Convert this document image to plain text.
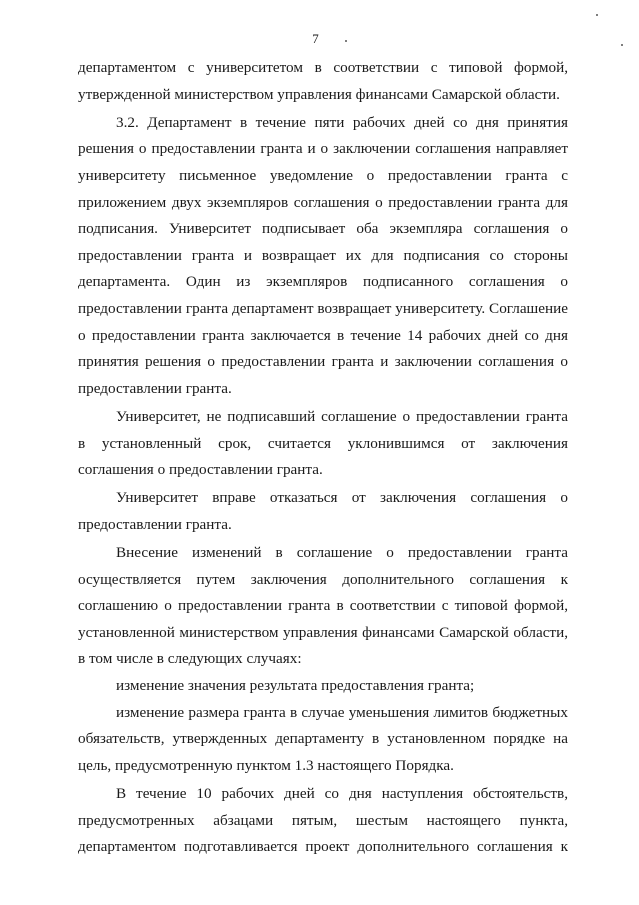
7
департаментом с университетом в соответствии с типовой формой,
утвержденной министерством управления финансами Самарской области.
3.2. Департамент в течение пяти рабочих дней со дня принятия
решения о предоставлении гранта и о заключении соглашения направляет
университету письменное уведомление о предоставлении гранта с
приложением двух экземпляров соглашения о предоставлении гранта для
подписания. Университет подписывает оба экземпляра соглашения о
предоставлении гранта и возвращает их для подписания со стороны
департамента. Один из экземпляров подписанного соглашения о
предоставлении гранта департамент возвращает университету. Соглашение
о предоставлении гранта заключается в течение 14 рабочих дней со дня
принятия решения о предоставлении гранта и заключении соглашения о
предоставлении гранта.
Университет, не подписавший соглашение о предоставлении гранта
в установленный срок, считается уклонившимся от заключения
соглашения о предоставлении гранта.
Университет вправе отказаться от заключения соглашения о
предоставлении гранта.
Внесение изменений в соглашение о предоставлении гранта
осуществляется путем заключения дополнительного соглашения к
соглашению о предоставлении гранта в соответствии с типовой формой,
установленной министерством управления финансами Самарской области,
в том числе в следующих случаях:
изменение значения результата предоставления гранта;
изменение размера гранта в случае уменьшения лимитов бюджетных
обязательств, утвержденных департаменту в установленном порядке на
цель, предусмотренную пунктом 1.3 настоящего Порядка.
В течение 10 рабочих дней со дня наступления обстоятельств,
предусмотренных абзацами пятым, шестым настоящего пункта,
департаментом подготавливается проект дополнительного соглашения к
